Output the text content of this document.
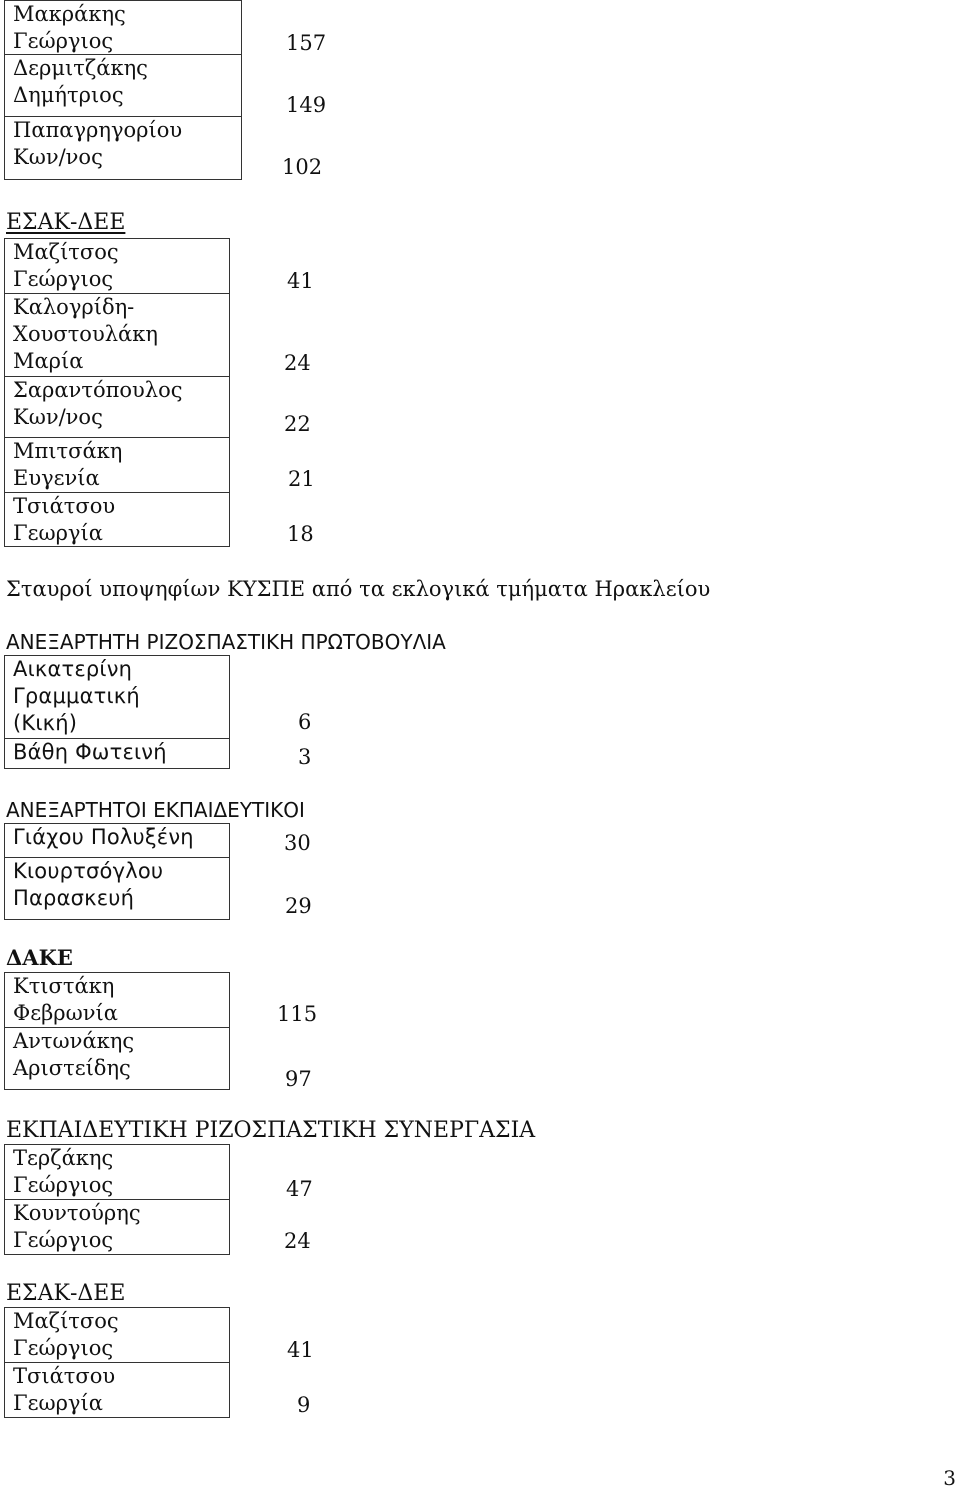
Μακράκης
Γεώργιος	157
Δερμιτζάκης
Δημήτριος	149
Παπαγρηγορίου
Κων/νος	102
ΕΣΑΚ-ΔΕΕ
Μαζίτσος
Γεώργιος	41
Καλογρίδη-
Χουστουλάκη
Μαρία	24
Σαραντόπουλος
Κων/νος	22
Μπιτσάκη
Ευγενία	21
Τσιάτσου
Γεωργία	18
Σταυροί υποψηφίων ΚΥΣΠΕ από τα εκλογικά τμήματα Ηρακλείου
ΑΝΕΞΑΡΤΗΤΗ ΡΙΖΟΣΠΑΣΤΙΚΗ ΠΡΩΤΟΒΟΥΛΙΑ
Αικατερίνη
Γραμματική
(Κική)	6
Βάθη Φωτεινή	3
ΑΝΕΞΑΡΤΗΤΟΙ ΕΚΠΑΙΔΕΥΤΙΚΟΙ
Γιάχου Πολυξένη	30
Κιουρτσόγλου
Παρασκευή	29
ΔΑΚΕ
Κτιστάκη
Φεβρωνία	115
Αντωνάκης
Αριστείδης	97
ΕΚΠΑΙΔΕΥΤΙΚΗ ΡΙΖΟΣΠΑΣΤΙΚΗ ΣΥΝΕΡΓΑΣΙΑ
Τερζάκης
Γεώργιος	47
Κουντούρης
Γεώργιος	24
ΕΣΑΚ-ΔΕΕ
Μαζίτσος
Γεώργιος	41
Τσιάτσου
Γεωργία	9
3
